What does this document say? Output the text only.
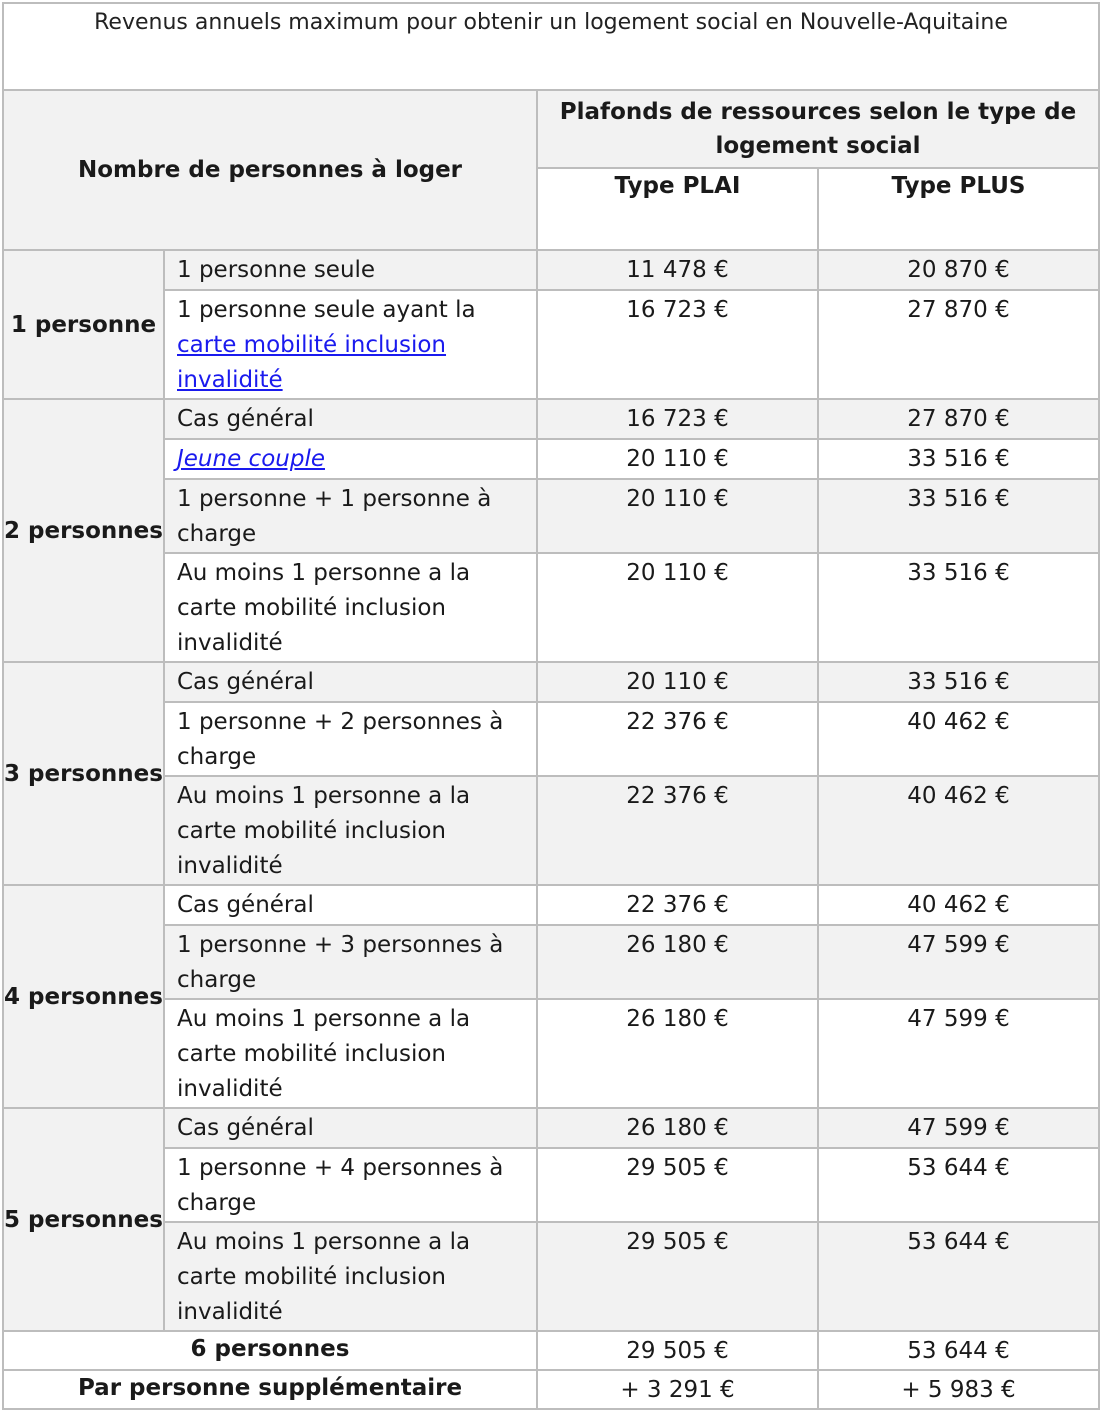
Revenus annuels maximum pour obtenir un logement social en Nouvelle-Aquitaine			
Nombre de personnes à loger		Plafonds de ressources selon le type de logement social	
		Type PLAI	Type PLUS
1 personne	1 personne seule	11 478 €	20 870 €
	1 personne seule ayant la carte mobilité inclusion invalidité	16 723 €	27 870 €
2 personnes	Cas général	16 723 €	27 870 €
	Jeune couple	20 110 €	33 516 €
	1 personne + 1 personne à charge	20 110 €	33 516 €
	Au moins 1 personne a la carte mobilité inclusion invalidité	20 110 €	33 516 €
3 personnes	Cas général	20 110 €	33 516 €
	1 personne + 2 personnes à charge	22 376 €	40 462 €
	Au moins 1 personne a la carte mobilité inclusion invalidité	22 376 €	40 462 €
4 personnes	Cas général	22 376 €	40 462 €
	1 personne + 3 personnes à charge	26 180 €	47 599 €
	Au moins 1 personne a la carte mobilité inclusion invalidité	26 180 €	47 599 €
5 personnes	Cas général	26 180 €	47 599 €
	1 personne + 4 personnes à charge	29 505 €	53 644 €
	Au moins 1 personne a la carte mobilité inclusion invalidité	29 505 €	53 644 €
6 personnes		29 505 €	53 644 €
Par personne supplémentaire		+ 3 291 €	+ 5 983 €
